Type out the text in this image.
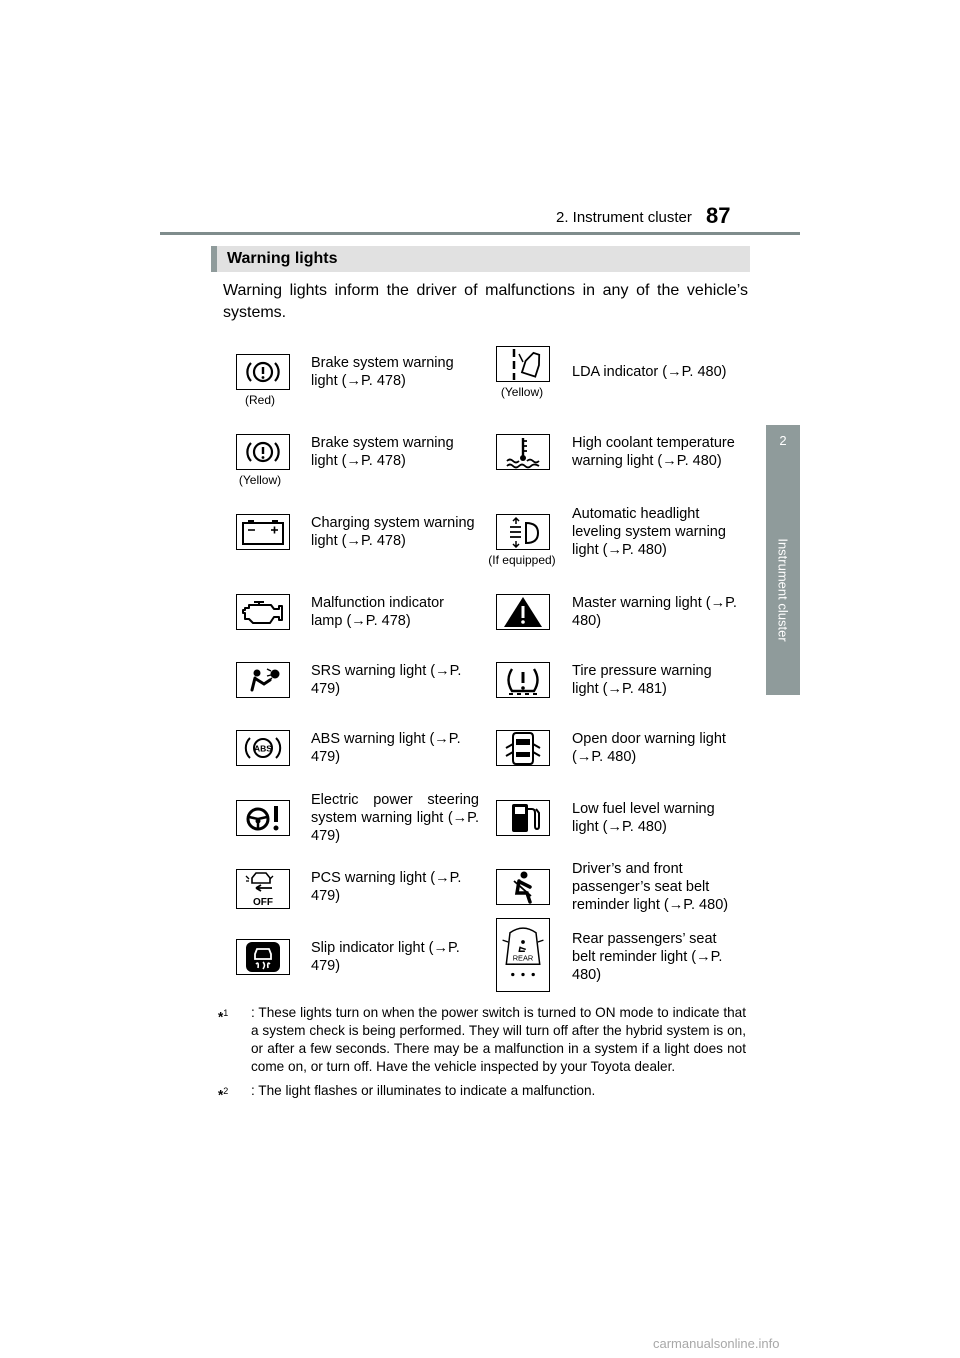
2. Instrument cluster 87
2
Instrument cluster
Warning lights
Warning lights inform the driver of malfunctions in any of the vehicle’s systems.
(Red)
Brake system warning light (→P. 478)
(Yellow)
Brake system warning light (→P. 478)
Charging system warning light (→P. 478)
Malfunction indicator lamp (→P. 478)
SRS warning light (→P. 479)
ABS
ABS warning light (→P. 479)
Electric power steering system warning light (→P. 479)
OFF
PCS warning light (→P. 479)
Slip indicator light (→P. 479)
(Yellow)
LDA indicator (→P. 480)
High coolant temperature warning light (→P. 480)
(If equipped)
Automatic headlight leveling system warning light (→P. 480)
Master warning light (→P. 480)
Tire pressure warning light (→P. 481)
Open door warning light (→P. 480)
Low fuel level warning light (→P. 480)
Driver’s and front passenger’s seat belt reminder light (→P. 480)
REAR
Rear passengers’ seat belt reminder light (→P. 480)
*$^1$ : These lights turn on when the power switch is turned to ON mode to indicate that a system check is being performed. They will turn off after the hybrid system is on, or after a few seconds. There may be a malfunction in a system if a light does not come on, or turn off. Have the vehicle inspected by your Toyota dealer.
*$^2$ : The light flashes or illuminates to indicate a malfunction.
carmanualsonline.info
